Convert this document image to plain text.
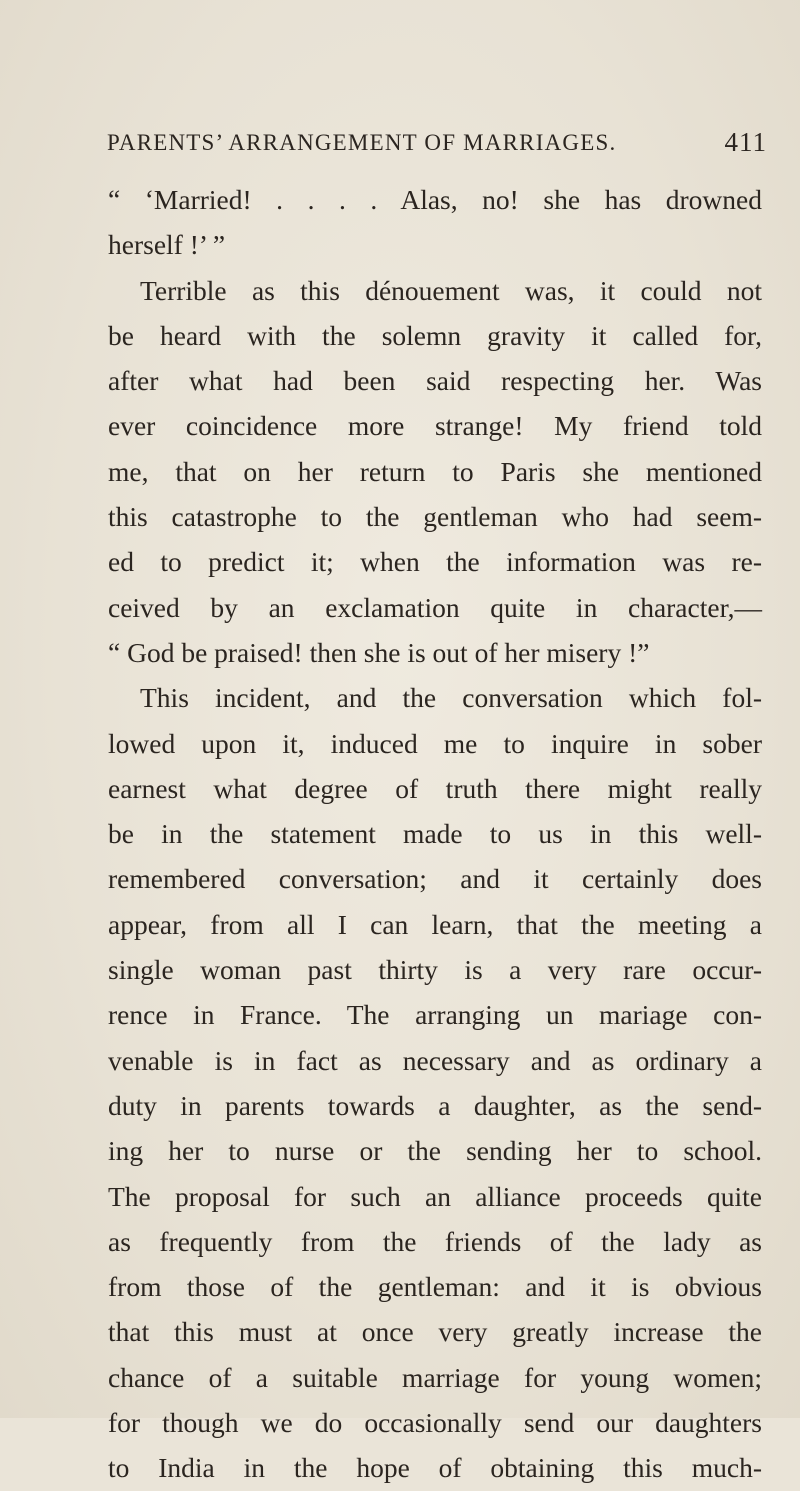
PARENTS’ ARRANGEMENT OF MARRIAGES.	411
“ ‘Married! . . . . Alas, no! she has drowned
herself !’ ”
Terrible as this dénouement was, it could not
be heard with the solemn gravity it called for,
after what had been said respecting her. Was
ever coincidence more strange! My friend told
me, that on her return to Paris she mentioned
this catastrophe to the gentleman who had seem-
ed to predict it; when the information was re-
ceived by an exclamation quite in character,—
“ God be praised! then she is out of her misery !”
This incident, and the conversation which fol-
lowed upon it, induced me to inquire in sober
earnest what degree of truth there might really
be in the statement made to us in this well-
remembered conversation; and it certainly does
appear, from all I can learn, that the meeting a
single woman past thirty is a very rare occur-
rence in France. The arranging un mariage con-
venable is in fact as necessary and as ordinary a
duty in parents towards a daughter, as the send-
ing her to nurse or the sending her to school.
The proposal for such an alliance proceeds quite
as frequently from the friends of the lady as
from those of the gentleman: and it is obvious
that this must at once very greatly increase the
chance of a suitable marriage for young women;
for though we do occasionally send our daughters
to India in the hope of obtaining this much-
